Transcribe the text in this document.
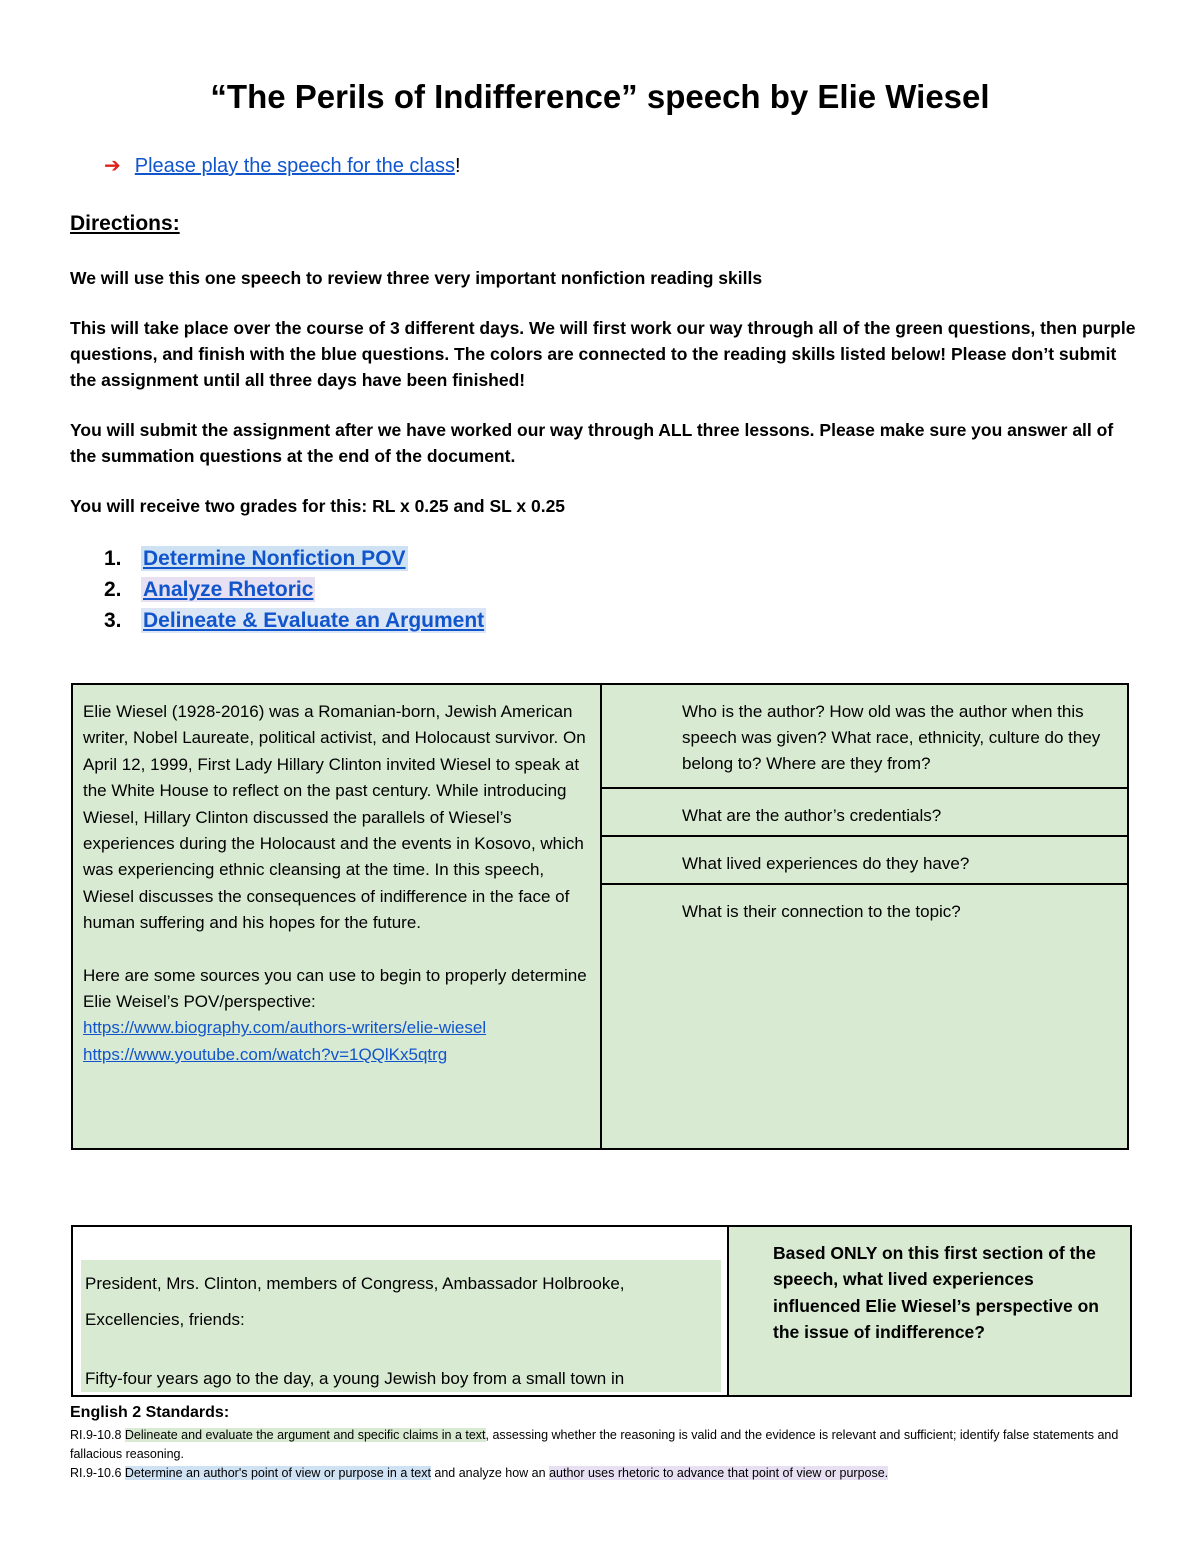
“The Perils of Indifference” speech by Elie Wiesel
➔ Please play the speech for the class!
Directions:

We will use this one speech to review three very important nonfiction reading skills

This will take place over the course of 3 different days. We will first work our way through all of the green questions, then purple questions, and finish with the blue questions. The colors are connected to the reading skills listed below! Please don’t submit the assignment until all three days have been finished!

You will submit the assignment after we have worked our way through ALL three lessons. Please make sure you answer all of the summation questions at the end of the document.

You will receive two grades for this: RL x 0.25 and SL x 0.25

1. Determine Nonfiction POV
2. Analyze Rhetoric
3. Delineate & Evaluate an Argument

Elie Wiesel (1928-2016) was a Romanian-born, Jewish American writer, Nobel Laureate, political activist, and Holocaust survivor. On April 12, 1999, First Lady Hillary Clinton invited Wiesel to speak at the White House to reflect on the past century. While introducing Wiesel, Hillary Clinton discussed the parallels of Wiesel’s experiences during the Holocaust and the events in Kosovo, which was experiencing ethnic cleansing at the time. In this speech, Wiesel discusses the consequences of indifference in the face of human suffering and his hopes for the future.

Here are some sources you can use to begin to properly determine Elie Weisel’s POV/perspective:

https://www.biography.com/authors-writers/elie-wiesel
https://www.youtube.com/watch?v=1QQlKx5qtrg
Who is the author? How old was the author when this speech was given? What race, ethnicity, culture do they belong to? Where are they from?
What are the author’s credentials?
What lived experiences do they have?
What is their connection to the topic?

President, Mrs. Clinton, members of Congress, Ambassador Holbrooke,

Excellencies, friends:

Fifty-four years ago to the day, a young Jewish boy from a small town in

Based ONLY on this first section of the speech, what lived experiences influenced Elie Wiesel’s perspective on the issue of indifference?
English 2 Standards:

RI.9-10.8 Delineate and evaluate the argument and specific claims in a text, assessing whether the reasoning is valid and the evidence is relevant and sufficient; identify false statements and fallacious reasoning.
RI.9-10.6 Determine an author's point of view or purpose in a text and analyze how an author uses rhetoric to advance that point of view or purpose.
